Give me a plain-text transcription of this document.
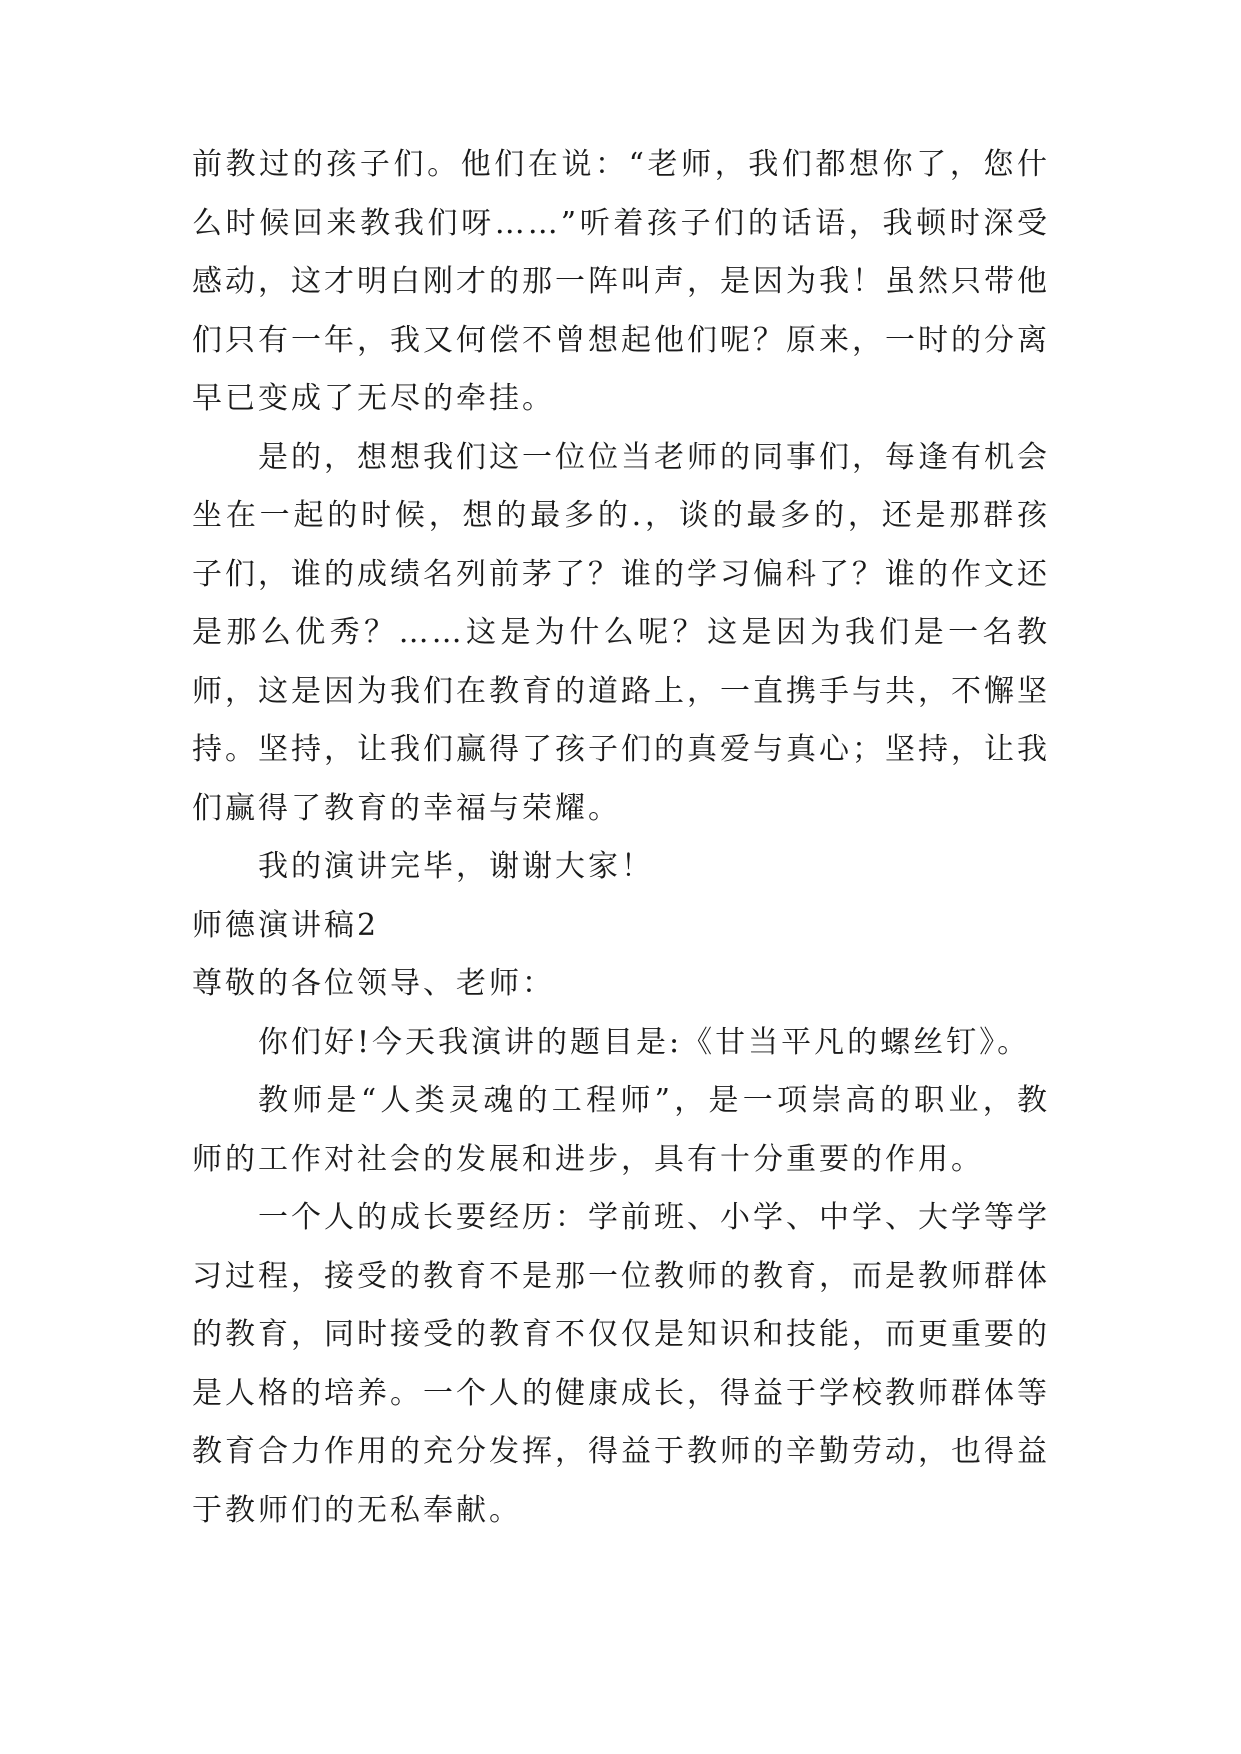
前教过的孩子们。他们在说：“老师，我们都想你了，您什么时候回来教我们呀……”听着孩子们的话语，我顿时深受感动，这才明白刚才的那一阵叫声，是因为我！虽然只带他们只有一年，我又何偿不曾想起他们呢？原来，一时的分离早已变成了无尽的牵挂。

是的，想想我们这一位位当老师的同事们，每逢有机会坐在一起的时候，想的最多的.，谈的最多的，还是那群孩子们，谁的成绩名列前茅了？谁的学习偏科了？谁的作文还是那么优秀？……这是为什么呢？这是因为我们是一名教师，这是因为我们在教育的道路上，一直携手与共，不懈坚持。坚持，让我们赢得了孩子们的真爱与真心；坚持，让我们赢得了教育的幸福与荣耀。

我的演讲完毕，谢谢大家！

师德演讲稿2

尊敬的各位领导、老师：

你们好!今天我演讲的题目是:《甘当平凡的螺丝钉》。

教师是“人类灵魂的工程师”，是一项崇高的职业，教师的工作对社会的发展和进步，具有十分重要的作用。

一个人的成长要经历：学前班、小学、中学、大学等学习过程，接受的教育不是那一位教师的教育，而是教师群体的教育，同时接受的教育不仅仅是知识和技能，而更重要的是人格的培养。一个人的健康成长，得益于学校教师群体等教育合力作用的充分发挥，得益于教师的辛勤劳动，也得益于教师们的无私奉献。
